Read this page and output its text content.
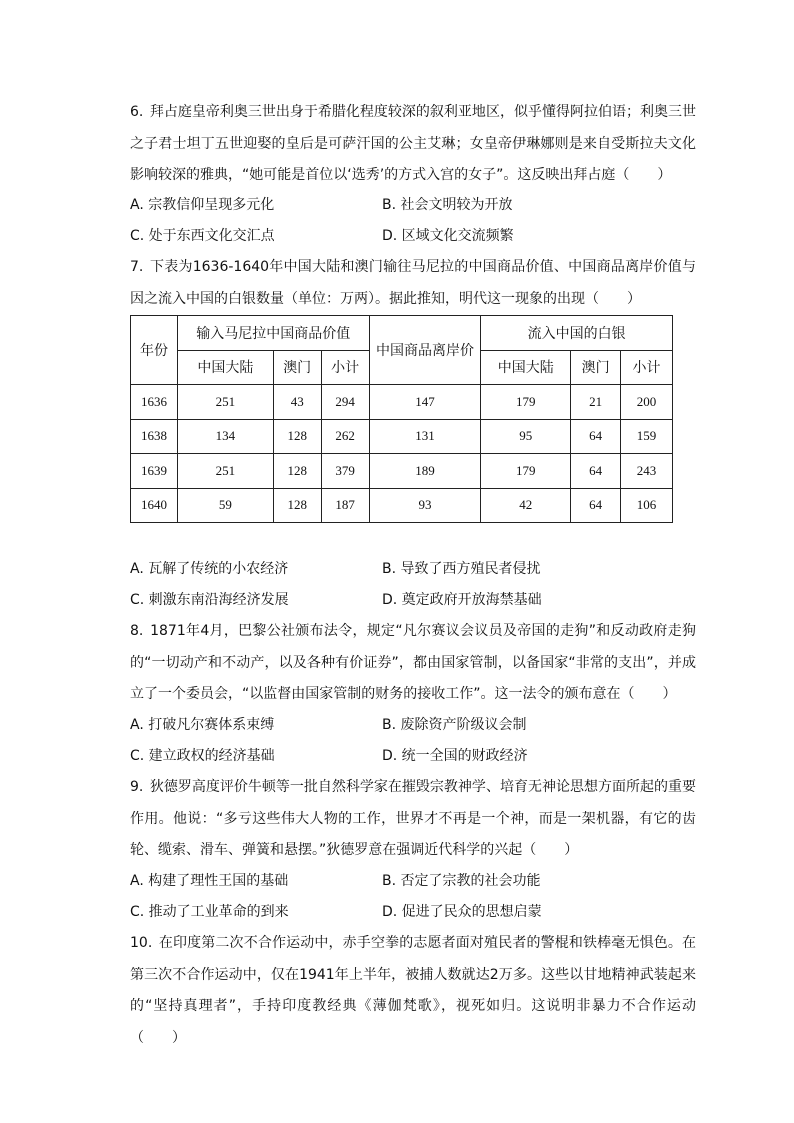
6. 拜占庭皇帝利奥三世出身于希腊化程度较深的叙利亚地区，似乎懂得阿拉伯语；利奥三世之子君士坦丁五世迎娶的皇后是可萨汗国的公主艾琳；女皇帝伊琳娜则是来自受斯拉夫文化影响较深的雅典，“她可能是首位以‘选秀’的方式入宫的女子”。这反映出拜占庭（　　）
A. 宗教信仰呈现多元化	B. 社会文明较为开放
C. 处于东西文化交汇点	D. 区域文化交流频繁
7. 下表为1636-1640年中国大陆和澳门输往马尼拉的中国商品价值、中国商品离岸价值与因之流入中国的白银数量（单位：万两）。据此推知，明代这一现象的出现（　　）
年份	输入马尼拉中国商品价值			中国商品离岸价	流入中国的白银		
	中国大陆	澳门	小计		中国大陆	澳门	小计
1636	251	43	294	147	179	21	200
1638	134	128	262	131	95	64	159
1639	251	128	379	189	179	64	243
1640	59	128	187	93	42	64	106
A. 瓦解了传统的小农经济	B. 导致了西方殖民者侵扰
C. 刺激东南沿海经济发展	D. 奠定政府开放海禁基础
8. 1871年4月，巴黎公社颁布法令，规定“凡尔赛议会议员及帝国的走狗”和反动政府走狗的“一切动产和不动产，以及各种有价证券”，都由国家管制，以备国家“非常的支出”，并成立了一个委员会，“以监督由国家管制的财务的接收工作”。这一法令的颁布意在（　　）
A. 打破凡尔赛体系束缚	B. 废除资产阶级议会制
C. 建立政权的经济基础	D. 统一全国的财政经济
9. 狄德罗高度评价牛顿等一批自然科学家在摧毁宗教神学、培育无神论思想方面所起的重要作用。他说：“多亏这些伟大人物的工作，世界才不再是一个神，而是一架机器，有它的齿轮、缆索、滑车、弹簧和悬摆。”狄德罗意在强调近代科学的兴起（　　）
A. 构建了理性王国的基础	B. 否定了宗教的社会功能
C. 推动了工业革命的到来	D. 促进了民众的思想启蒙
10. 在印度第二次不合作运动中，赤手空拳的志愿者面对殖民者的警棍和铁棒毫无惧色。在第三次不合作运动中，仅在1941年上半年，被捕人数就达2万多。这些以甘地精神武装起来的“坚持真理者”，手持印度教经典《薄伽梵歌》，视死如归。这说明非暴力不合作运动（　　）
